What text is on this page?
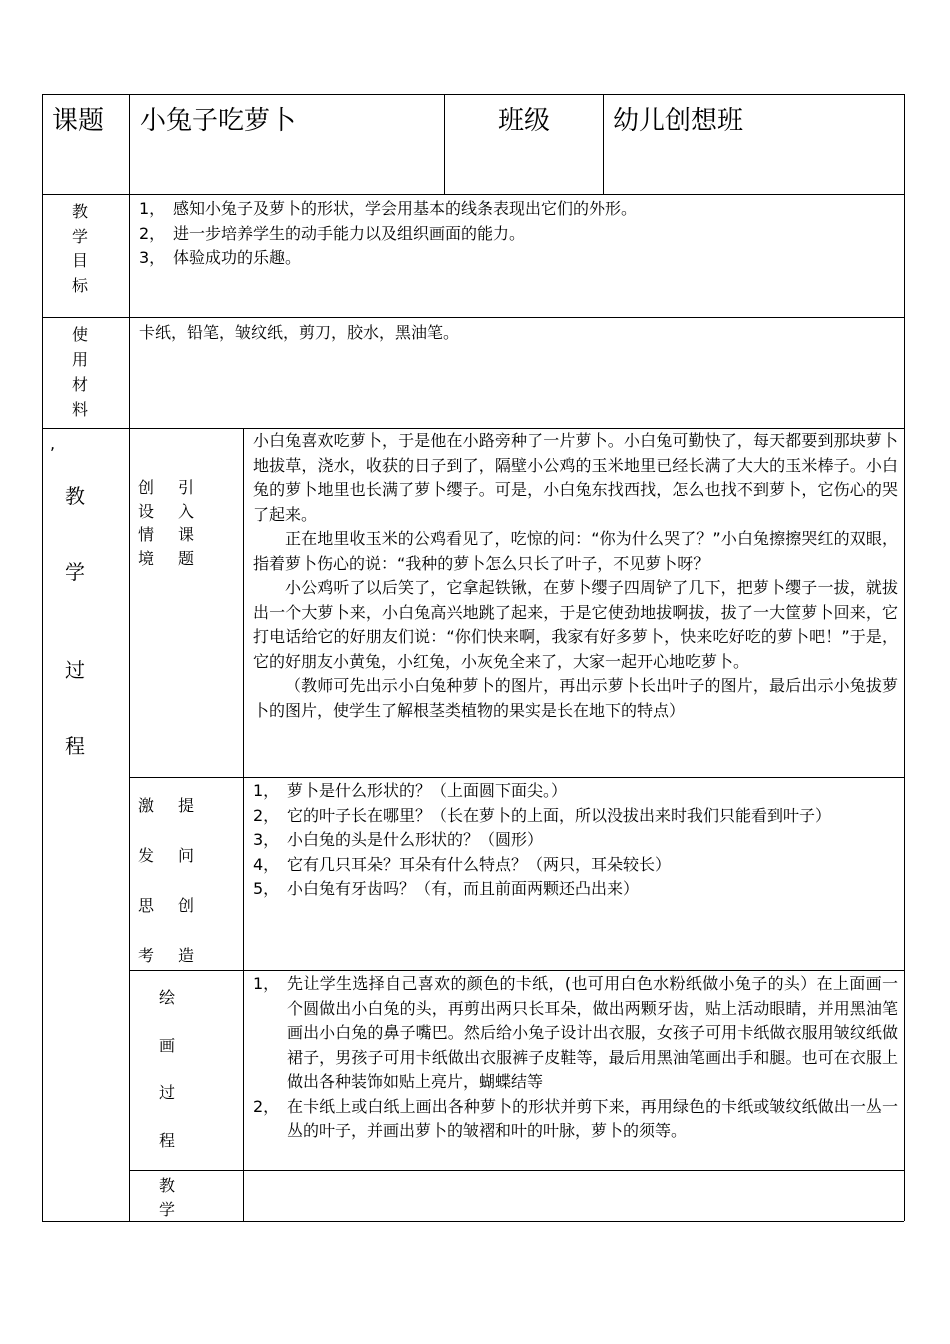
课题 小兔子吃萝卜	班级 幼儿创想班
教
学
目
标
1， 感知小兔子及萝卜的形状，学会用基本的线条表现出它们的外形。
2， 进一步培养学生的动手能力以及组织画面的能力。
3， 体验成功的乐趣。
使
用
材
料
卡纸，铅笔，皱纹纸，剪刀，胶水，黑油笔。
,
教
学
过
程
创
设
情
境
引
入
课
题

小白兔喜欢吃萝卜，于是他在小路旁种了一片萝卜。小白兔可勤快了，每天都要到那块萝卜地拔草，浇水，收获的日子到了，隔壁小公鸡的玉米地里已经长满了大大的玉米棒子。小白兔的萝卜地里也长满了萝卜缨子。可是，小白兔东找西找，怎么也找不到萝卜，它伤心的哭了起来。

正在地里收玉米的公鸡看见了，吃惊的问：“你为什么哭了？”小白兔擦擦哭红的双眼，指着萝卜伤心的说：“我种的萝卜怎么只长了叶子，不见萝卜呀？

小公鸡听了以后笑了，它拿起铁锹，在萝卜缨子四周铲了几下，把萝卜缨子一拔，就拔出一个大萝卜来，小白兔高兴地跳了起来，于是它使劲地拔啊拔，拔了一大筐萝卜回来，它打电话给它的好朋友们说：“你们快来啊，我家有好多萝卜，快来吃好吃的萝卜吧！”于是，它的好朋友小黄兔，小红兔，小灰免全来了，大家一起开心地吃萝卜。

（教师可先出示小白兔种萝卜的图片，再出示萝卜长出叶子的图片，最后出示小兔拔萝卜的图片，使学生了解根茎类植物的果实是长在地下的特点）

激
发
思
考
提
问
创
造
1， 萝卜是什么形状的？（上面圆下面尖。）
2， 它的叶子长在哪里？（长在萝卜的上面，所以没拔出来时我们只能看到叶子）
3， 小白兔的头是什么形状的？（圆形）
4， 它有几只耳朵？耳朵有什么特点？（两只，耳朵较长）
5， 小白兔有牙齿吗？（有，而且前面两颗还凸出来）
绘
画
过
程
1， 先让学生选择自己喜欢的颜色的卡纸，(也可用白色水粉纸做小兔子的头）在上面画一个圆做出小白兔的头，再剪出两只长耳朵，做出两颗牙齿，贴上活动眼睛，并用黑油笔画出小白兔的鼻子嘴巴。然后给小兔子设计出衣服，女孩子可用卡纸做衣服用皱纹纸做裙子，男孩子可用卡纸做出衣服裤子皮鞋等，最后用黑油笔画出手和腿。也可在衣服上做出各种装饰如贴上亮片，蝴蝶结等
2， 在卡纸上或白纸上画出各种萝卜的形状并剪下来，再用绿色的卡纸或皱纹纸做出一丛一丛的叶子，并画出萝卜的皱褶和叶的叶脉，萝卜的须等。
教
学
